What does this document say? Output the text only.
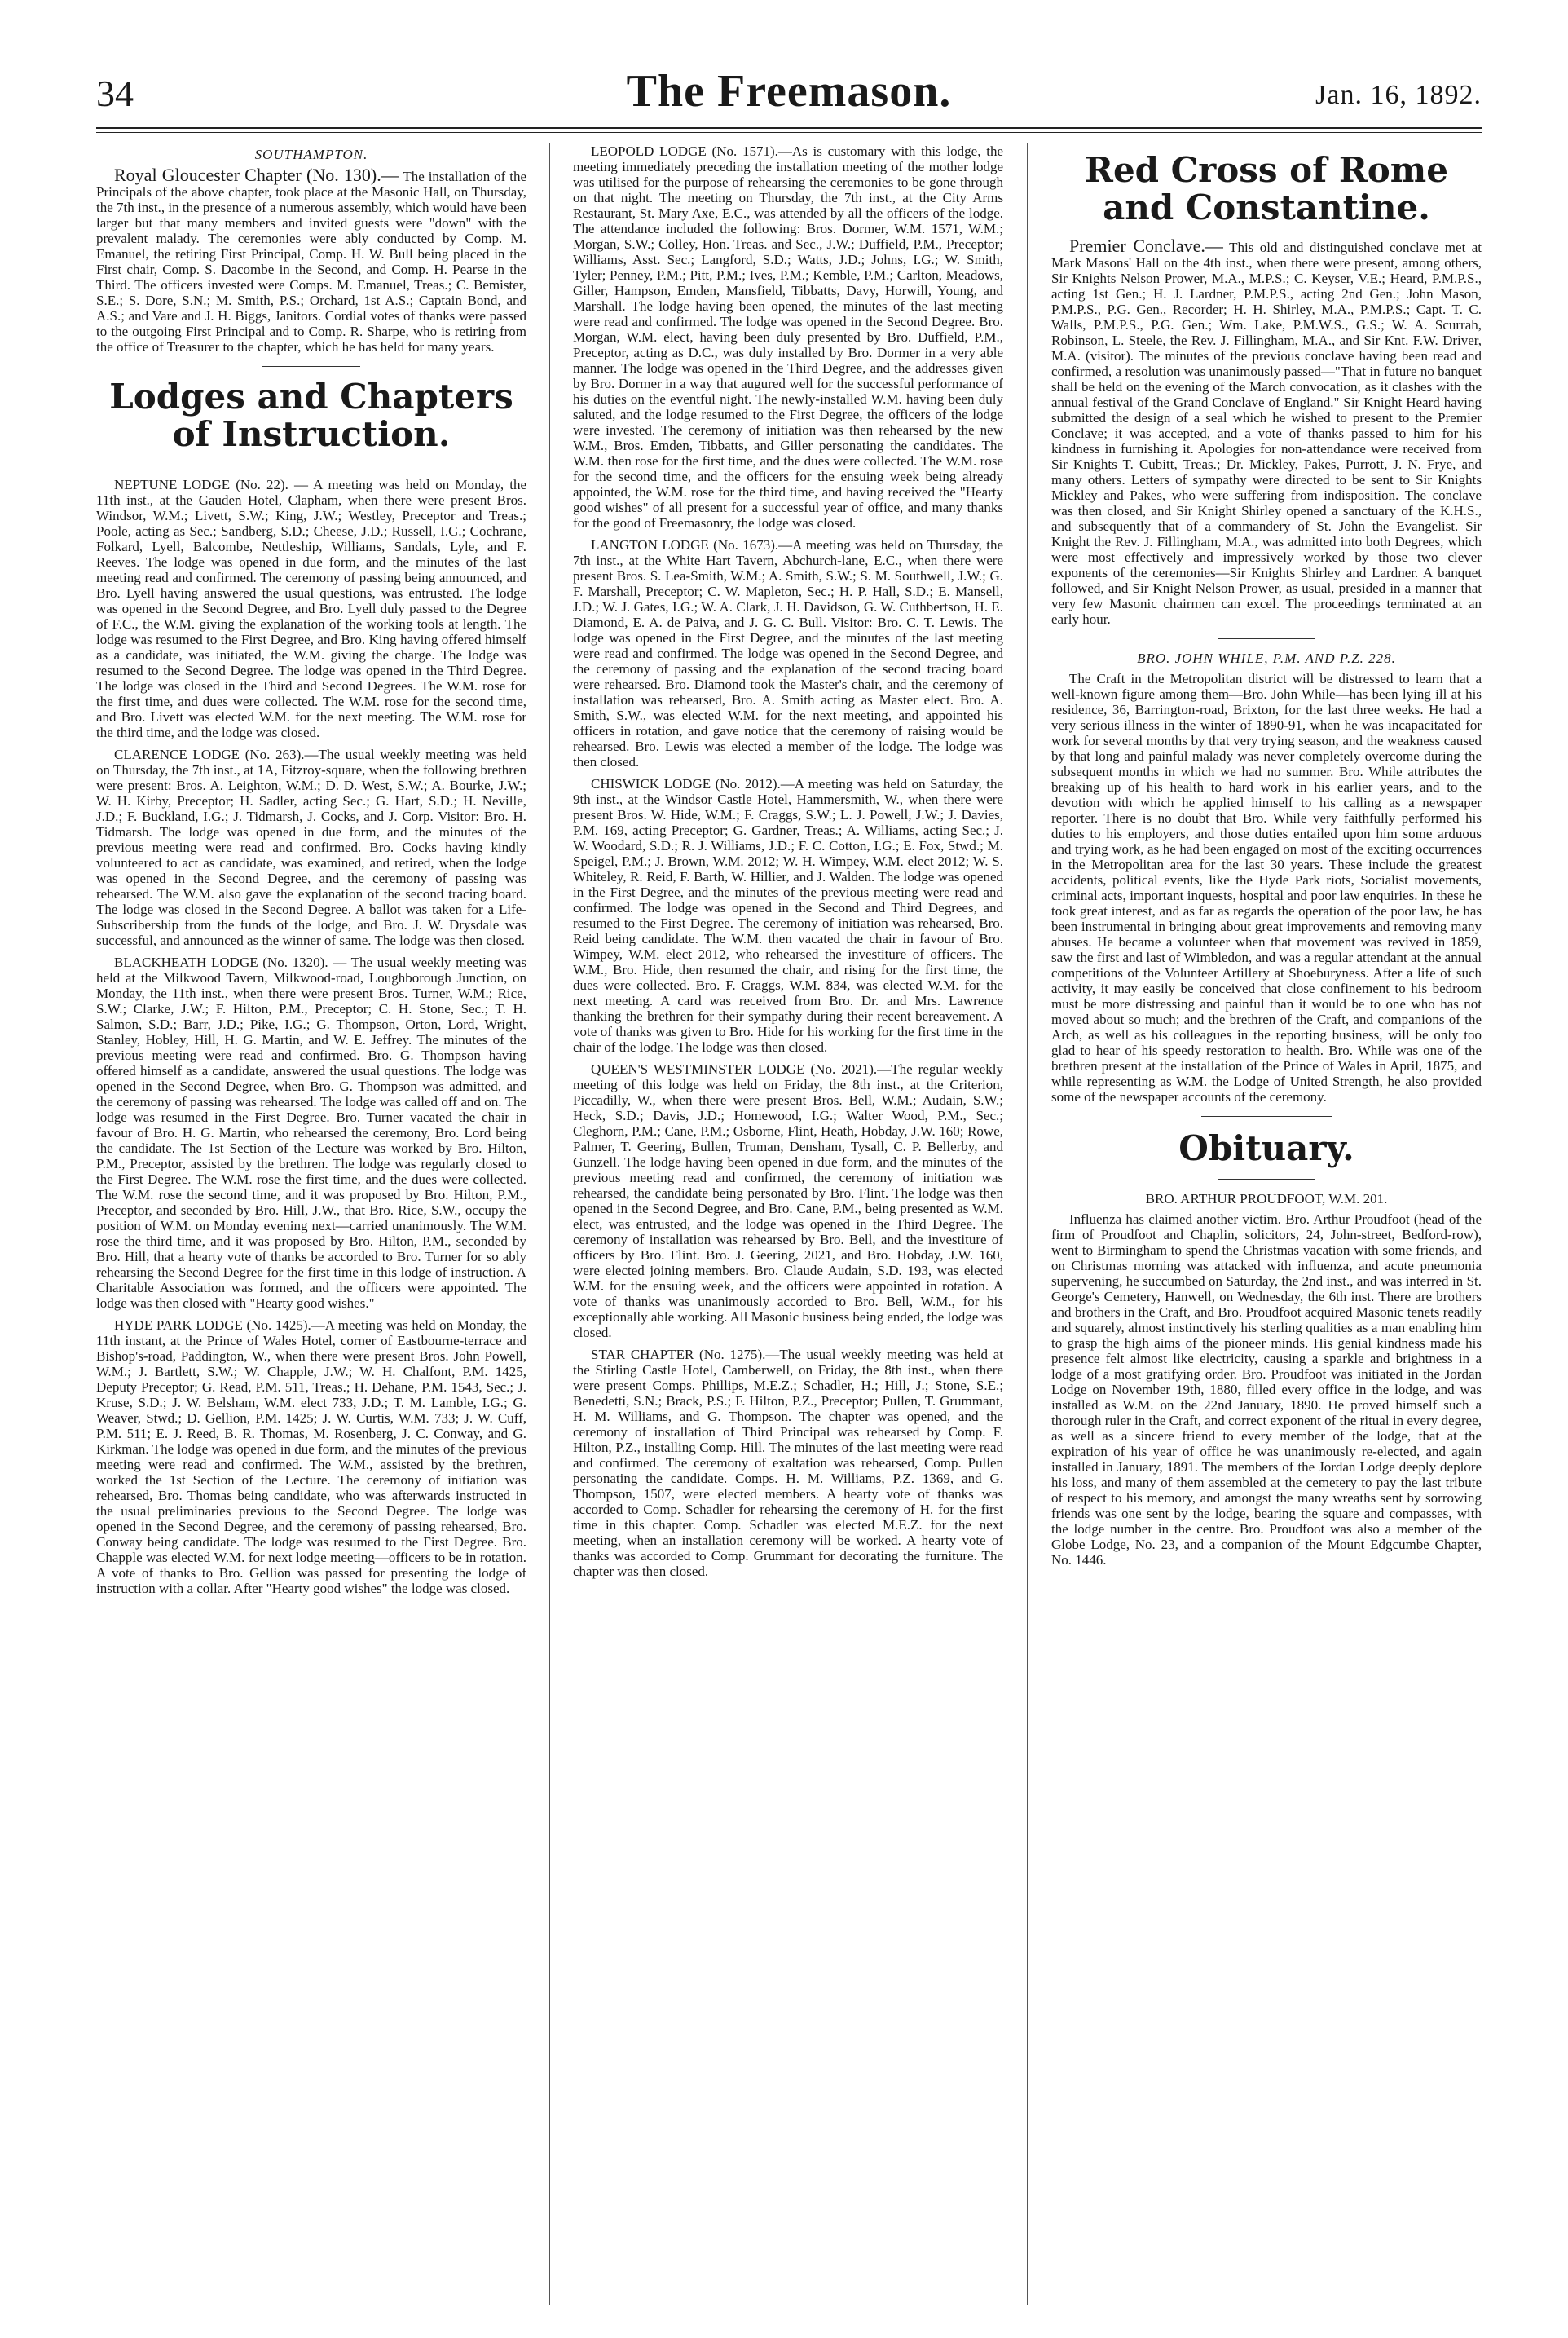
34	The Freemason.	Jan. 16, 1892.

SOUTHAMPTON.

Royal Gloucester Chapter (No. 130).— The installation of the Principals of the above chapter, took place at the Masonic Hall, on Thursday, the 7th inst., in the presence of a numerous assembly, which would have been larger but that many members and invited guests were "down" with the prevalent malady. The ceremonies were ably conducted by Comp. M. Emanuel, the retiring First Principal, Comp. H. W. Bull being placed in the First chair, Comp. S. Dacombe in the Second, and Comp. H. Pearse in the Third. The officers invested were Comps. M. Emanuel, Treas.; C. Bemister, S.E.; S. Dore, S.N.; M. Smith, P.S.; Orchard, 1st A.S.; Captain Bond, and A.S.; and Vare and J. H. Biggs, Janitors. Cordial votes of thanks were passed to the outgoing First Principal and to Comp. R. Sharpe, who is retiring from the office of Treasurer to the chapter, which he has held for many years.

Lodges and Chapters of Instruction.

NEPTUNE LODGE (No. 22). — A meeting was held on Monday, the 11th inst., at the Gauden Hotel, Clapham, when there were present Bros. Windsor, W.M.; Livett, S.W.; King, J.W.; Westley, Preceptor and Treas.; Poole, acting as Sec.; Sandberg, S.D.; Cheese, J.D.; Russell, I.G.; Cochrane, Folkard, Lyell, Balcombe, Nettleship, Williams, Sandals, Lyle, and F. Reeves. The lodge was opened in due form, and the minutes of the last meeting read and confirmed. The ceremony of passing being announced, and Bro. Lyell having answered the usual questions, was entrusted. The lodge was opened in the Second Degree, and Bro. Lyell duly passed to the Degree of F.C., the W.M. giving the explanation of the working tools at length. The lodge was resumed to the First Degree, and Bro. King having offered himself as a candidate, was initiated, the W.M. giving the charge. The lodge was resumed to the Second Degree. The lodge was opened in the Third Degree. The lodge was closed in the Third and Second Degrees. The W.M. rose for the first time, and dues were collected. The W.M. rose for the second time, and Bro. Livett was elected W.M. for the next meeting. The W.M. rose for the third time, and the lodge was closed.

CLARENCE LODGE (No. 263).—The usual weekly meeting was held on Thursday, the 7th inst., at 1A, Fitzroy-square, when the following brethren were present: Bros. A. Leighton, W.M.; D. D. West, S.W.; A. Bourke, J.W.; W. H. Kirby, Preceptor; H. Sadler, acting Sec.; G. Hart, S.D.; H. Neville, J.D.; F. Buckland, I.G.; J. Tidmarsh, J. Cocks, and J. Corp. Visitor: Bro. H. Tidmarsh. The lodge was opened in due form, and the minutes of the previous meeting were read and confirmed. Bro. Cocks having kindly volunteered to act as candidate, was examined, and retired, when the lodge was opened in the Second Degree, and the ceremony of passing was rehearsed. The W.M. also gave the explanation of the second tracing board. The lodge was closed in the Second Degree. A ballot was taken for a Life-Subscribership from the funds of the lodge, and Bro. J. W. Drysdale was successful, and announced as the winner of same. The lodge was then closed.

BLACKHEATH LODGE (No. 1320). — The usual weekly meeting was held at the Milkwood Tavern, Milkwood-road, Loughborough Junction, on Monday, the 11th inst., when there were present Bros. Turner, W.M.; Rice, S.W.; Clarke, J.W.; F. Hilton, P.M., Preceptor; C. H. Stone, Sec.; T. H. Salmon, S.D.; Barr, J.D.; Pike, I.G.; G. Thompson, Orton, Lord, Wright, Stanley, Hobley, Hill, H. G. Martin, and W. E. Jeffrey. The minutes of the previous meeting were read and confirmed. Bro. G. Thompson having offered himself as a candidate, answered the usual questions. The lodge was opened in the Second Degree, when Bro. G. Thompson was admitted, and the ceremony of passing was rehearsed. The lodge was called off and on. The lodge was resumed in the First Degree. Bro. Turner vacated the chair in favour of Bro. H. G. Martin, who rehearsed the ceremony, Bro. Lord being the candidate. The 1st Section of the Lecture was worked by Bro. Hilton, P.M., Preceptor, assisted by the brethren. The lodge was regularly closed to the First Degree. The W.M. rose the first time, and the dues were collected. The W.M. rose the second time, and it was proposed by Bro. Hilton, P.M., Preceptor, and seconded by Bro. Hill, J.W., that Bro. Rice, S.W., occupy the position of W.M. on Monday evening next—carried unanimously. The W.M. rose the third time, and it was proposed by Bro. Hilton, P.M., seconded by Bro. Hill, that a hearty vote of thanks be accorded to Bro. Turner for so ably rehearsing the Second Degree for the first time in this lodge of instruction. A Charitable Association was formed, and the officers were appointed. The lodge was then closed with "Hearty good wishes."

HYDE PARK LODGE (No. 1425).—A meeting was held on Monday, the 11th instant, at the Prince of Wales Hotel, corner of Eastbourne-terrace and Bishop's-road, Paddington, W., when there were present Bros. John Powell, W.M.; J. Bartlett, S.W.; W. Chapple, J.W.; W. H. Chalfont, P.M. 1425, Deputy Preceptor; G. Read, P.M. 511, Treas.; H. Dehane, P.M. 1543, Sec.; J. Kruse, S.D.; J. W. Belsham, W.M. elect 733, J.D.; T. M. Lamble, I.G.; G. Weaver, Stwd.; D. Gellion, P.M. 1425; J. W. Curtis, W.M. 733; J. W. Cuff, P.M. 511; E. J. Reed, B. R. Thomas, M. Rosenberg, J. C. Conway, and G. Kirkman. The lodge was opened in due form, and the minutes of the previous meeting were read and confirmed. The W.M., assisted by the brethren, worked the 1st Section of the Lecture. The ceremony of initiation was rehearsed, Bro. Thomas being candidate, who was afterwards instructed in the usual preliminaries previous to the Second Degree. The lodge was opened in the Second Degree, and the ceremony of passing rehearsed, Bro. Conway being candidate. The lodge was resumed to the First Degree. Bro. Chapple was elected W.M. for next lodge meeting—officers to be in rotation. A vote of thanks to Bro. Gellion was passed for presenting the lodge of instruction with a collar. After "Hearty good wishes" the lodge was closed.

LEOPOLD LODGE (No. 1571).—As is customary with this lodge, the meeting immediately preceding the installation meeting of the mother lodge was utilised for the purpose of rehearsing the ceremonies to be gone through on that night. The meeting on Thursday, the 7th inst., at the City Arms Restaurant, St. Mary Axe, E.C., was attended by all the officers of the lodge. The attendance included the following: Bros. Dormer, W.M. 1571, W.M.; Morgan, S.W.; Colley, Hon. Treas. and Sec., J.W.; Duffield, P.M., Preceptor; Williams, Asst. Sec.; Langford, S.D.; Watts, J.D.; Johns, I.G.; W. Smith, Tyler; Penney, P.M.; Pitt, P.M.; Ives, P.M.; Kemble, P.M.; Carlton, Meadows, Giller, Hampson, Emden, Mansfield, Tibbatts, Davy, Horwill, Young, and Marshall. The lodge having been opened, the minutes of the last meeting were read and confirmed. The lodge was opened in the Second Degree. Bro. Morgan, W.M. elect, having been duly presented by Bro. Duffield, P.M., Preceptor, acting as D.C., was duly installed by Bro. Dormer in a very able manner. The lodge was opened in the Third Degree, and the addresses given by Bro. Dormer in a way that augured well for the successful performance of his duties on the eventful night. The newly-installed W.M. having been duly saluted, and the lodge resumed to the First Degree, the officers of the lodge were invested. The ceremony of initiation was then rehearsed by the new W.M., Bros. Emden, Tibbatts, and Giller personating the candidates. The W.M. then rose for the first time, and the dues were collected. The W.M. rose for the second time, and the officers for the ensuing week being already appointed, the W.M. rose for the third time, and having received the "Hearty good wishes" of all present for a successful year of office, and many thanks for the good of Freemasonry, the lodge was closed.

LANGTON LODGE (No. 1673).—A meeting was held on Thursday, the 7th inst., at the White Hart Tavern, Abchurch-lane, E.C., when there were present Bros. S. Lea-Smith, W.M.; A. Smith, S.W.; S. M. Southwell, J.W.; G. F. Marshall, Preceptor; C. W. Mapleton, Sec.; H. P. Hall, S.D.; E. Mansell, J.D.; W. J. Gates, I.G.; W. A. Clark, J. H. Davidson, G. W. Cuthbertson, H. E. Diamond, E. A. de Paiva, and J. G. C. Bull. Visitor: Bro. C. T. Lewis. The lodge was opened in the First Degree, and the minutes of the last meeting were read and confirmed. The lodge was opened in the Second Degree, and the ceremony of passing and the explanation of the second tracing board were rehearsed. Bro. Diamond took the Master's chair, and the ceremony of installation was rehearsed, Bro. A. Smith acting as Master elect. Bro. A. Smith, S.W., was elected W.M. for the next meeting, and appointed his officers in rotation, and gave notice that the ceremony of raising would be rehearsed. Bro. Lewis was elected a member of the lodge. The lodge was then closed.

CHISWICK LODGE (No. 2012).—A meeting was held on Saturday, the 9th inst., at the Windsor Castle Hotel, Hammersmith, W., when there were present Bros. W. Hide, W.M.; F. Craggs, S.W.; L. J. Powell, J.W.; J. Davies, P.M. 169, acting Preceptor; G. Gardner, Treas.; A. Williams, acting Sec.; J. W. Woodard, S.D.; R. J. Williams, J.D.; F. C. Cotton, I.G.; E. Fox, Stwd.; M. Speigel, P.M.; J. Brown, W.M. 2012; W. H. Wimpey, W.M. elect 2012; W. S. Whiteley, R. Reid, F. Barth, W. Hillier, and J. Walden. The lodge was opened in the First Degree, and the minutes of the previous meeting were read and confirmed. The lodge was opened in the Second and Third Degrees, and resumed to the First Degree. The ceremony of initiation was rehearsed, Bro. Reid being candidate. The W.M. then vacated the chair in favour of Bro. Wimpey, W.M. elect 2012, who rehearsed the investiture of officers. The W.M., Bro. Hide, then resumed the chair, and rising for the first time, the dues were collected. Bro. F. Craggs, W.M. 834, was elected W.M. for the next meeting. A card was received from Bro. Dr. and Mrs. Lawrence thanking the brethren for their sympathy during their recent bereavement. A vote of thanks was given to Bro. Hide for his working for the first time in the chair of the lodge. The lodge was then closed.

QUEEN'S WESTMINSTER LODGE (No. 2021).—The regular weekly meeting of this lodge was held on Friday, the 8th inst., at the Criterion, Piccadilly, W., when there were present Bros. Bell, W.M.; Audain, S.W.; Heck, S.D.; Davis, J.D.; Homewood, I.G.; Walter Wood, P.M., Sec.; Cleghorn, P.M.; Cane, P.M.; Osborne, Flint, Heath, Hobday, J.W. 160; Rowe, Palmer, T. Geering, Bullen, Truman, Densham, Tysall, C. P. Bellerby, and Gunzell. The lodge having been opened in due form, and the minutes of the previous meeting read and confirmed, the ceremony of initiation was rehearsed, the candidate being personated by Bro. Flint. The lodge was then opened in the Second Degree, and Bro. Cane, P.M., being presented as W.M. elect, was entrusted, and the lodge was opened in the Third Degree. The ceremony of installation was rehearsed by Bro. Bell, and the investiture of officers by Bro. Flint. Bro. J. Geering, 2021, and Bro. Hobday, J.W. 160, were elected joining members. Bro. Claude Audain, S.D. 193, was elected W.M. for the ensuing week, and the officers were appointed in rotation. A vote of thanks was unanimously accorded to Bro. Bell, W.M., for his exceptionally able working. All Masonic business being ended, the lodge was closed.

STAR CHAPTER (No. 1275).—The usual weekly meeting was held at the Stirling Castle Hotel, Camberwell, on Friday, the 8th inst., when there were present Comps. Phillips, M.E.Z.; Schadler, H.; Hill, J.; Stone, S.E.; Benedetti, S.N.; Brack, P.S.; F. Hilton, P.Z., Preceptor; Pullen, T. Grummant, H. M. Williams, and G. Thompson. The chapter was opened, and the ceremony of installation of Third Principal was rehearsed by Comp. F. Hilton, P.Z., installing Comp. Hill. The minutes of the last meeting were read and confirmed. The ceremony of exaltation was rehearsed, Comp. Pullen personating the candidate. Comps. H. M. Williams, P.Z. 1369, and G. Thompson, 1507, were elected members. A hearty vote of thanks was accorded to Comp. Schadler for rehearsing the ceremony of H. for the first time in this chapter. Comp. Schadler was elected M.E.Z. for the next meeting, when an installation ceremony will be worked. A hearty vote of thanks was accorded to Comp. Grummant for decorating the furniture. The chapter was then closed.

Red Cross of Rome and Constantine.

Premier Conclave.— This old and distinguished conclave met at Mark Masons' Hall on the 4th inst., when there were present, among others, Sir Knights Nelson Prower, M.A., M.P.S.; C. Keyser, V.E.; Heard, P.M.P.S., acting 1st Gen.; H. J. Lardner, P.M.P.S., acting 2nd Gen.; John Mason, P.M.P.S., P.G. Gen., Recorder; H. H. Shirley, M.A., P.M.P.S.; Capt. T. C. Walls, P.M.P.S., P.G. Gen.; Wm. Lake, P.M.W.S., G.S.; W. A. Scurrah, Robinson, L. Steele, the Rev. J. Fillingham, M.A., and Sir Knt. F.W. Driver, M.A. (visitor). The minutes of the previous conclave having been read and confirmed, a resolution was unanimously passed—"That in future no banquet shall be held on the evening of the March convocation, as it clashes with the annual festival of the Grand Conclave of England." Sir Knight Heard having submitted the design of a seal which he wished to present to the Premier Conclave; it was accepted, and a vote of thanks passed to him for his kindness in furnishing it. Apologies for non-attendance were received from Sir Knights T. Cubitt, Treas.; Dr. Mickley, Pakes, Purrott, J. N. Frye, and many others. Letters of sympathy were directed to be sent to Sir Knights Mickley and Pakes, who were suffering from indisposition. The conclave was then closed, and Sir Knight Shirley opened a sanctuary of the K.H.S., and subsequently that of a commandery of St. John the Evangelist. Sir Knight the Rev. J. Fillingham, M.A., was admitted into both Degrees, which were most effectively and impressively worked by those two clever exponents of the ceremonies—Sir Knights Shirley and Lardner. A banquet followed, and Sir Knight Nelson Prower, as usual, presided in a manner that very few Masonic chairmen can excel. The proceedings terminated at an early hour.

BRO. JOHN WHILE, P.M. AND P.Z. 228.

The Craft in the Metropolitan district will be distressed to learn that a well-known figure among them—Bro. John While—has been lying ill at his residence, 36, Barrington-road, Brixton, for the last three weeks. He had a very serious illness in the winter of 1890-91, when he was incapacitated for work for several months by that very trying season, and the weakness caused by that long and painful malady was never completely overcome during the subsequent months in which we had no summer. Bro. While attributes the breaking up of his health to hard work in his earlier years, and to the devotion with which he applied himself to his calling as a newspaper reporter. There is no doubt that Bro. While very faithfully performed his duties to his employers, and those duties entailed upon him some arduous and trying work, as he had been engaged on most of the exciting occurrences in the Metropolitan area for the last 30 years. These include the greatest accidents, political events, like the Hyde Park riots, Socialist movements, criminal acts, important inquests, hospital and poor law enquiries. In these he took great interest, and as far as regards the operation of the poor law, he has been instrumental in bringing about great improvements and removing many abuses. He became a volunteer when that movement was revived in 1859, saw the first and last of Wimbledon, and was a regular attendant at the annual competitions of the Volunteer Artillery at Shoeburyness. After a life of such activity, it may easily be conceived that close confinement to his bedroom must be more distressing and painful than it would be to one who has not moved about so much; and the brethren of the Craft, and companions of the Arch, as well as his colleagues in the reporting business, will be only too glad to hear of his speedy restoration to health. Bro. While was one of the brethren present at the installation of the Prince of Wales in April, 1875, and while representing as W.M. the Lodge of United Strength, he also provided some of the newspaper accounts of the ceremony.

Obituary.

BRO. ARTHUR PROUDFOOT, W.M. 201.

Influenza has claimed another victim. Bro. Arthur Proudfoot (head of the firm of Proudfoot and Chaplin, solicitors, 24, John-street, Bedford-row), went to Birmingham to spend the Christmas vacation with some friends, and on Christmas morning was attacked with influenza, and acute pneumonia supervening, he succumbed on Saturday, the 2nd inst., and was interred in St. George's Cemetery, Hanwell, on Wednesday, the 6th inst. There are brothers and brothers in the Craft, and Bro. Proudfoot acquired Masonic tenets readily and squarely, almost instinctively his sterling qualities as a man enabling him to grasp the high aims of the pioneer minds. His genial kindness made his presence felt almost like electricity, causing a sparkle and brightness in a lodge of a most gratifying order. Bro. Proudfoot was initiated in the Jordan Lodge on November 19th, 1880, filled every office in the lodge, and was installed as W.M. on the 22nd January, 1890. He proved himself such a thorough ruler in the Craft, and correct exponent of the ritual in every degree, as well as a sincere friend to every member of the lodge, that at the expiration of his year of office he was unanimously re-elected, and again installed in January, 1891. The members of the Jordan Lodge deeply deplore his loss, and many of them assembled at the cemetery to pay the last tribute of respect to his memory, and amongst the many wreaths sent by sorrowing friends was one sent by the lodge, bearing the square and compasses, with the lodge number in the centre. Bro. Proudfoot was also a member of the Globe Lodge, No. 23, and a companion of the Mount Edgcumbe Chapter, No. 1446.
